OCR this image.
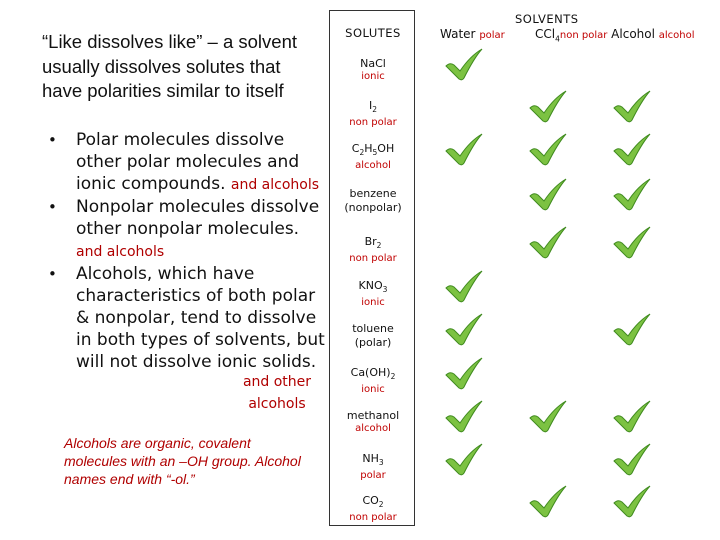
“Like dissolves like” – a solvent usually dissolves solutes that have polarities similar to itself
• Polar molecules dissolve other polar molecules and ionic compounds. and alcohols
• Nonpolar molecules dissolve other nonpolar molecules. and alcohols
• Alcohols, which have characteristics of both polar & nonpolar, tend to dissolve in both types of solvents, but will not dissolve ionic solids.
and other alcohols
Alcohols are organic, covalent molecules with an –OH group. Alcohol names end with “-ol.”
SOLUTES
NaCl
ionic
$I_2$
non polar
$C_2H_5OH$
alcohol
benzene
(nonpolar)
$Br_2$
non polar
$KNO_3$
ionic
toluene
(polar)
$Ca(OH)_2$
ionic
methanol
alcohol
$NH_3$
polar
$CO_2$
non polar
SOLVENTS
Water polar	CCl$_4$non polar Alcohol alcohol
